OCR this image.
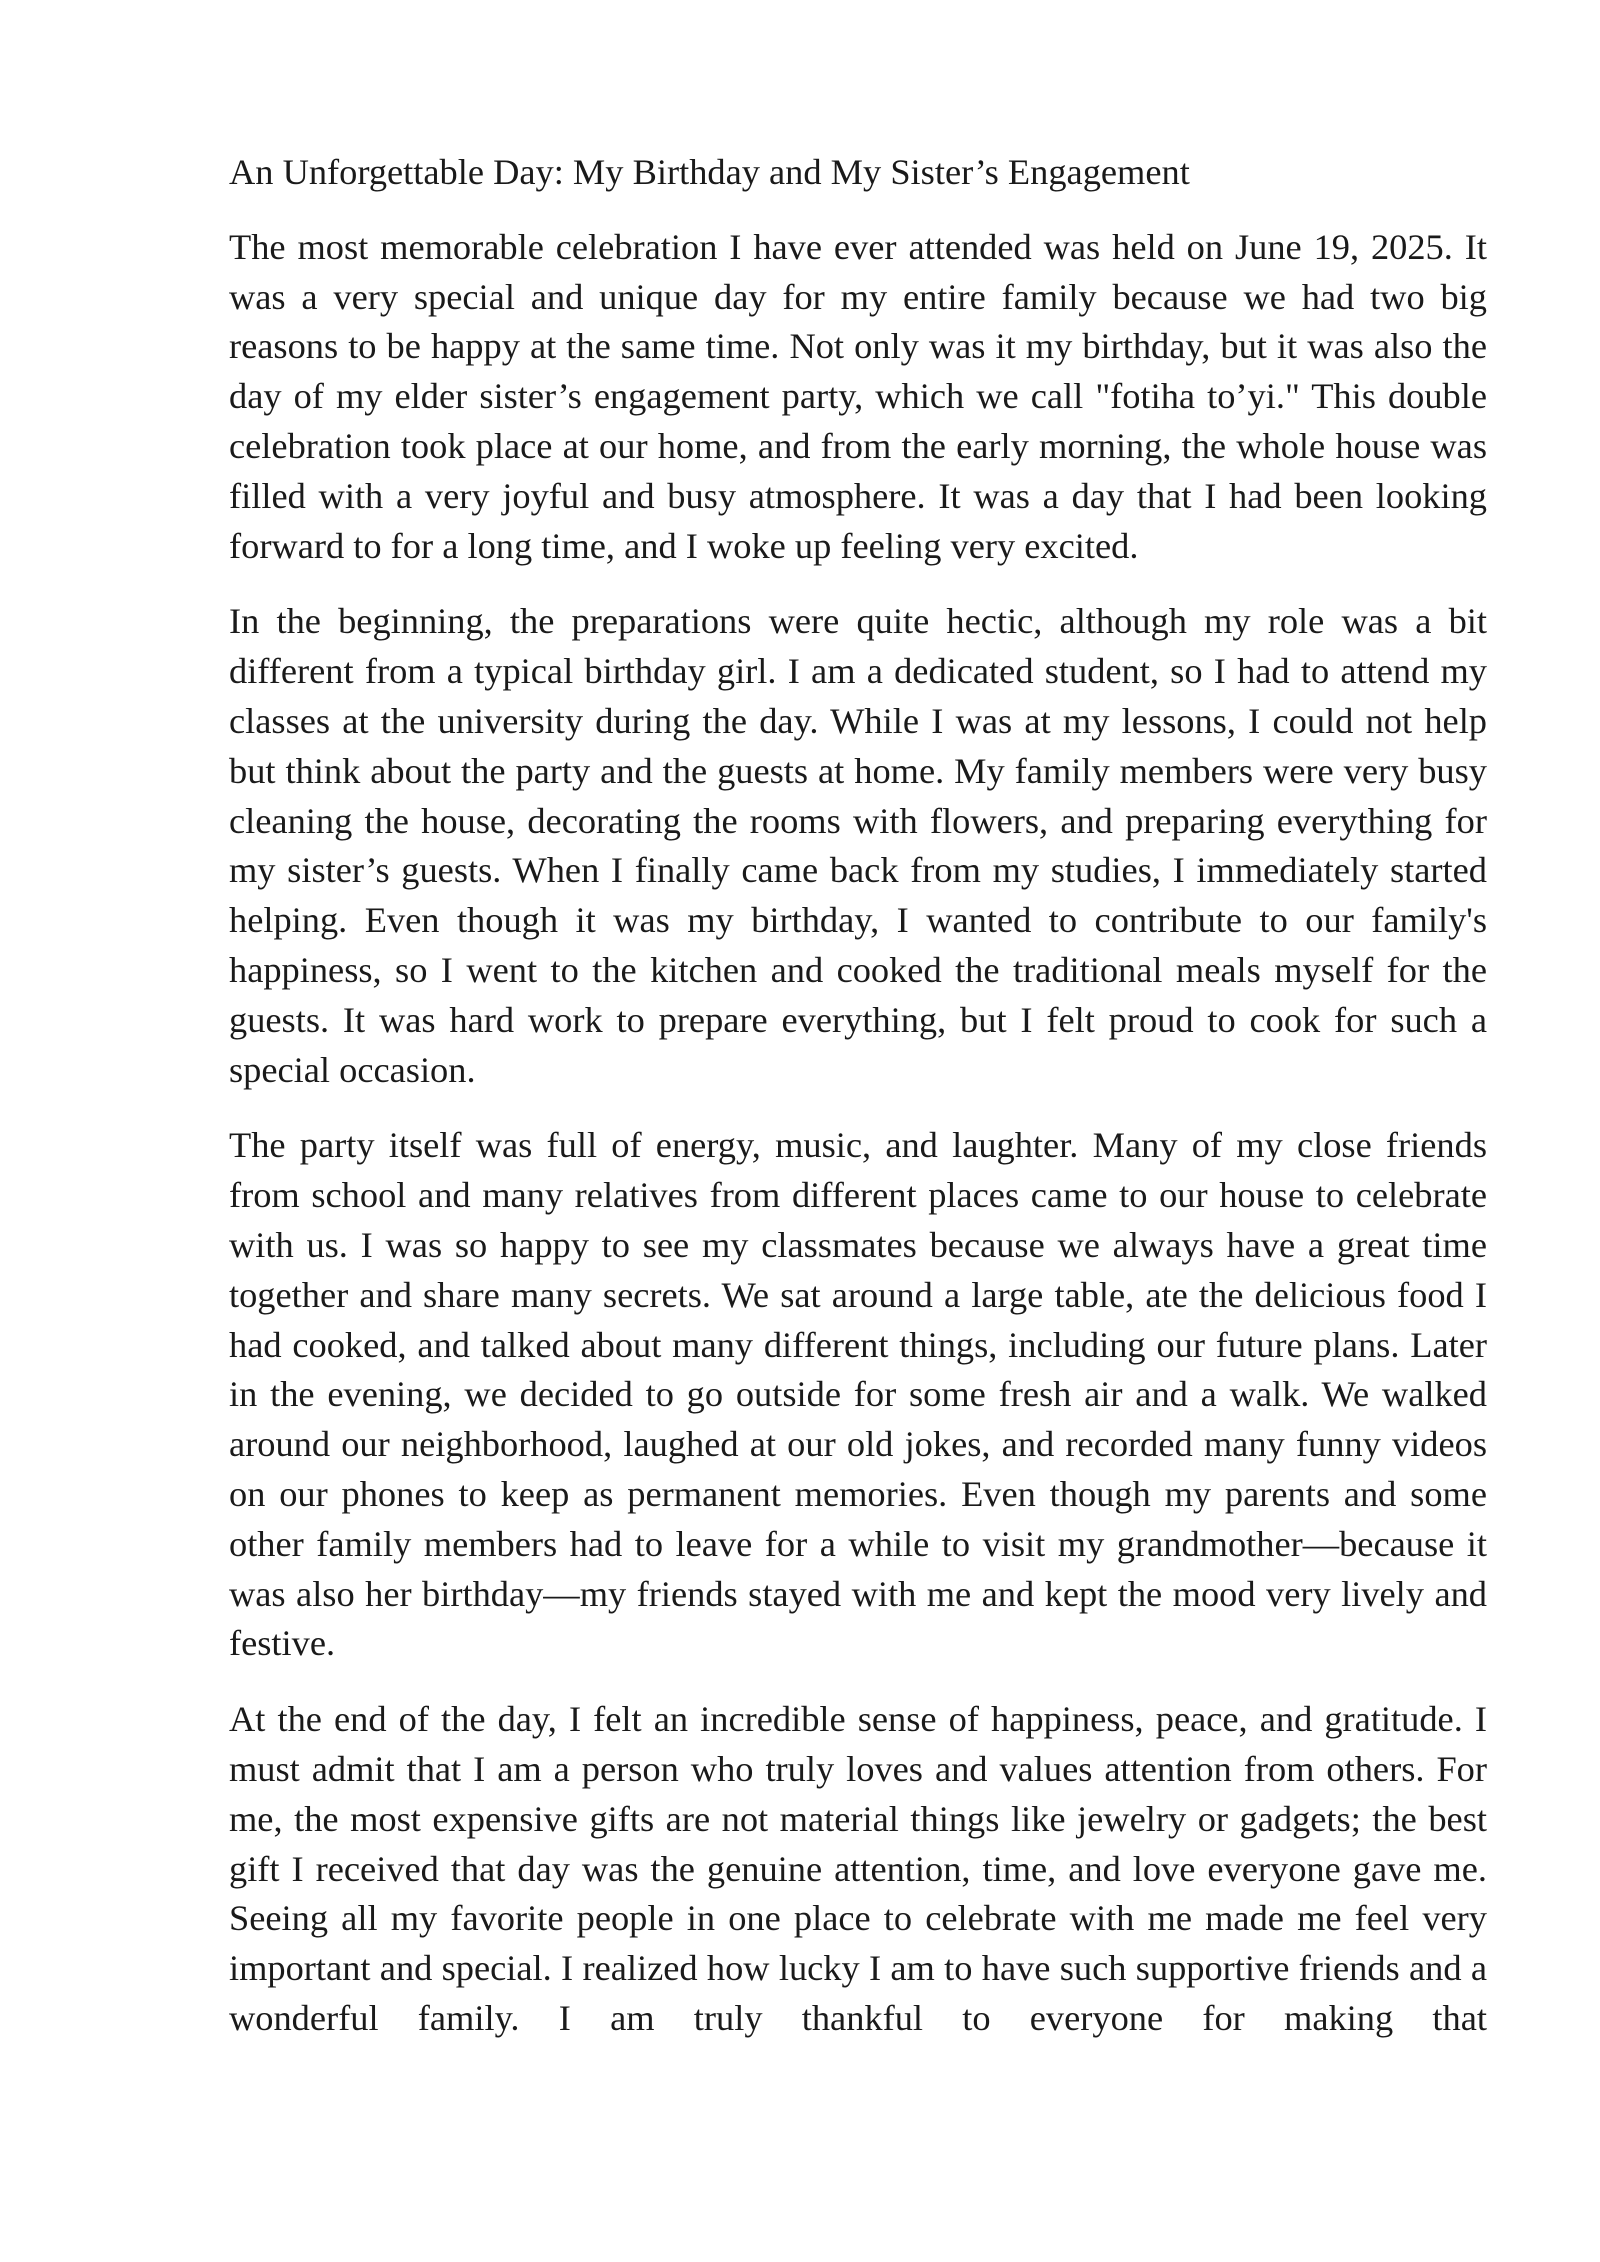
An Unforgettable Day: My Birthday and My Sister’s Engagement

The most memorable celebration I have ever attended was held on June 19, 2025. It was a very special and unique day for my entire family because we had two big reasons to be happy at the same time. Not only was it my birthday, but it was also the day of my elder sister’s engagement party, which we call "fotiha to’yi." This double celebration took place at our home, and from the early morning, the whole house was filled with a very joyful and busy atmosphere. It was a day that I had been looking forward to for a long time, and I woke up feeling very excited.

In the beginning, the preparations were quite hectic, although my role was a bit different from a typical birthday girl. I am a dedicated student, so I had to attend my classes at the university during the day. While I was at my lessons, I could not help but think about the party and the guests at home. My family members were very busy cleaning the house, decorating the rooms with flowers, and preparing everything for my sister’s guests. When I finally came back from my studies, I immediately started helping. Even though it was my birthday, I wanted to contribute to our family's happiness, so I went to the kitchen and cooked the traditional meals myself for the guests. It was hard work to prepare everything, but I felt proud to cook for such a special occasion.

The party itself was full of energy, music, and laughter. Many of my close friends from school and many relatives from different places came to our house to celebrate with us. I was so happy to see my classmates because we always have a great time together and share many secrets. We sat around a large table, ate the delicious food I had cooked, and talked about many different things, including our future plans. Later in the evening, we decided to go outside for some fresh air and a walk. We walked around our neighborhood, laughed at our old jokes, and recorded many funny videos on our phones to keep as permanent memories. Even though my parents and some other family members had to leave for a while to visit my grandmother—because it was also her birthday—my friends stayed with me and kept the mood very lively and festive.

At the end of the day, I felt an incredible sense of happiness, peace, and gratitude. I must admit that I am a person who truly loves and values attention from others. For me, the most expensive gifts are not material things like jewelry or gadgets; the best gift I received that day was the genuine attention, time, and love everyone gave me. Seeing all my favorite people in one place to celebrate with me made me feel very important and special. I realized how lucky I am to have such supportive friends and a wonderful family. I am truly thankful to everyone for making that
